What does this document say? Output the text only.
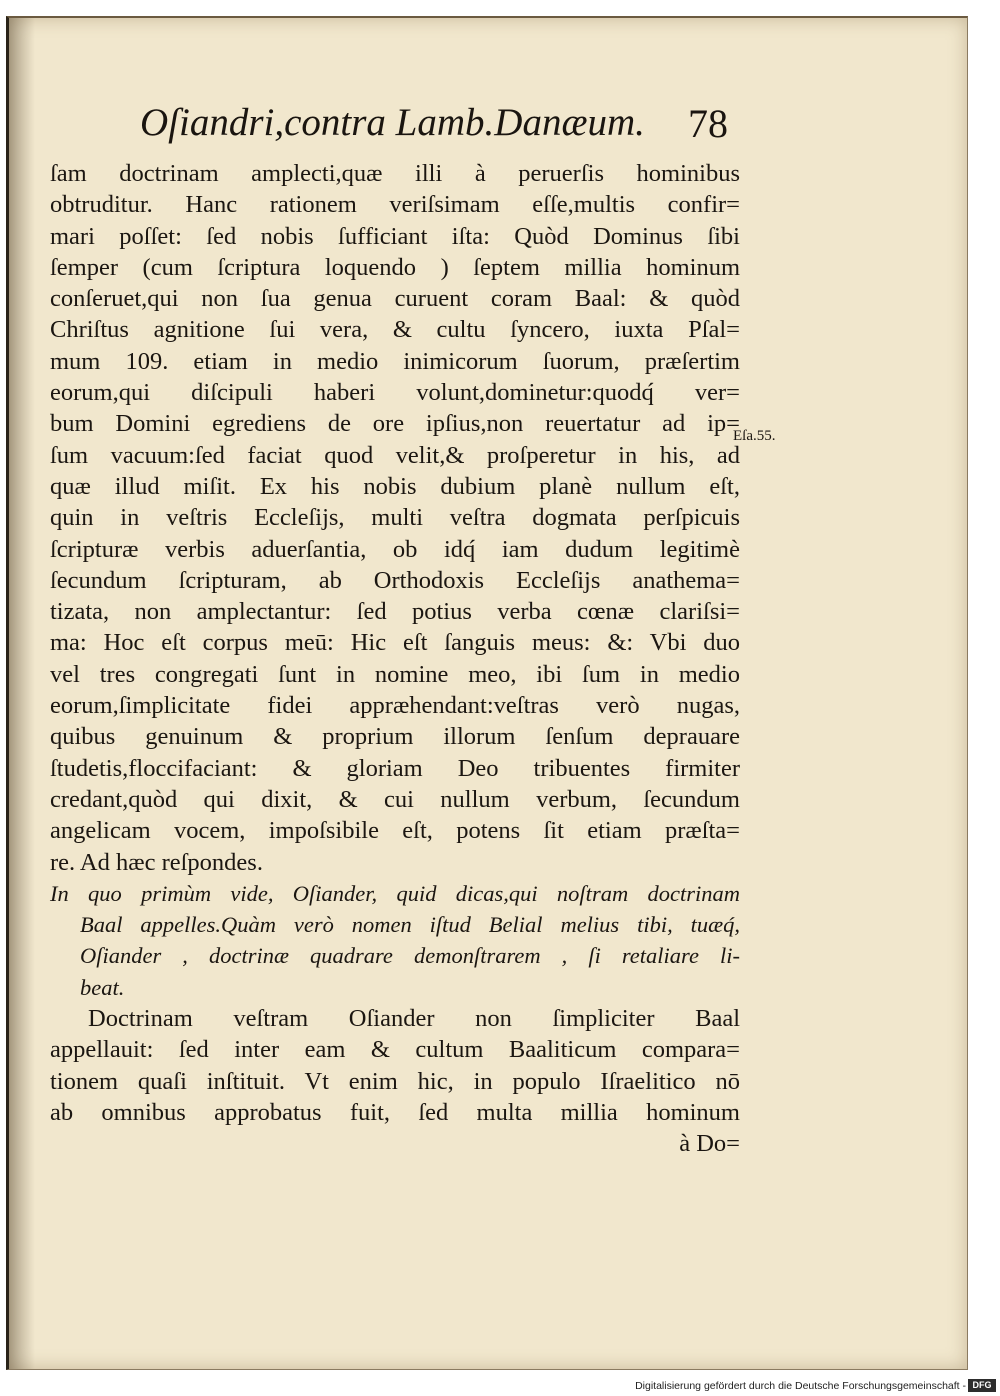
Oſiandri,contra Lamb.Danæum.	78
Eſa.55.
ſam doctrinam amplecti,quæ illi à peruerſis hominibus
obtruditur. Hanc rationem veriſsimam eſſe,multis confir=
mari poſſet: ſed nobis ſufficiant iſta: Quòd Dominus ſibi
ſemper (cum ſcriptura loquendo ) ſeptem millia hominum
conſeruet,qui non ſua genua curuent coram Baal: & quòd
Chriſtus agnitione ſui vera, & cultu ſyncero, iuxta Pſal=
mum 109. etiam in medio inimicorum ſuorum, præſertim
eorum,qui diſcipuli haberi volunt,dominetur:quodq́ ver=
bum Domini egrediens de ore ipſius,non reuertatur ad ip=
ſum vacuum:ſed faciat quod velit,& proſperetur in his, ad
quæ illud miſit. Ex his nobis dubium planè nullum eſt,
quin in veſtris Eccleſijs, multi veſtra dogmata perſpicuis
ſcripturæ verbis aduerſantia, ob idq́ iam dudum legitimè
ſecundum ſcripturam, ab Orthodoxis Eccleſijs anathema=
tizata, non amplectantur: ſed potius verba cœnæ clariſsi=
ma: Hoc eſt corpus meū: Hic eſt ſanguis meus: &: Vbi duo
vel tres congregati ſunt in nomine meo, ibi ſum in medio
eorum,ſimplicitate fidei appræhendant:veſtras verò nugas,
quibus genuinum & proprium illorum ſenſum deprauare
ſtudetis,floccifaciant: & gloriam Deo tribuentes firmiter
credant,quòd qui dixit, & cui nullum verbum, ſecundum
angelicam vocem, impoſsibile eſt, potens ſit etiam præſta=
re. Ad hæc reſpondes.
In quo primùm vide, Oſiander, quid dicas,qui noſtram doctrinam
Baal appelles.Quàm verò nomen iſtud Belial melius tibi, tuæq́,
Oſiander , doctrinæ quadrare demonſtrarem , ſi retaliare li-
beat.
Doctrinam veſtram Oſiander non ſimpliciter Baal
appellauit: ſed inter eam & cultum Baaliticum compara=
tionem quaſi inſtituit. Vt enim hic, in populo Iſraelitico nō
ab omnibus approbatus fuit, ſed multa millia hominum
à Do=
Digitalisierung gefördert durch die Deutsche Forschungsgemeinschaft - DFG
